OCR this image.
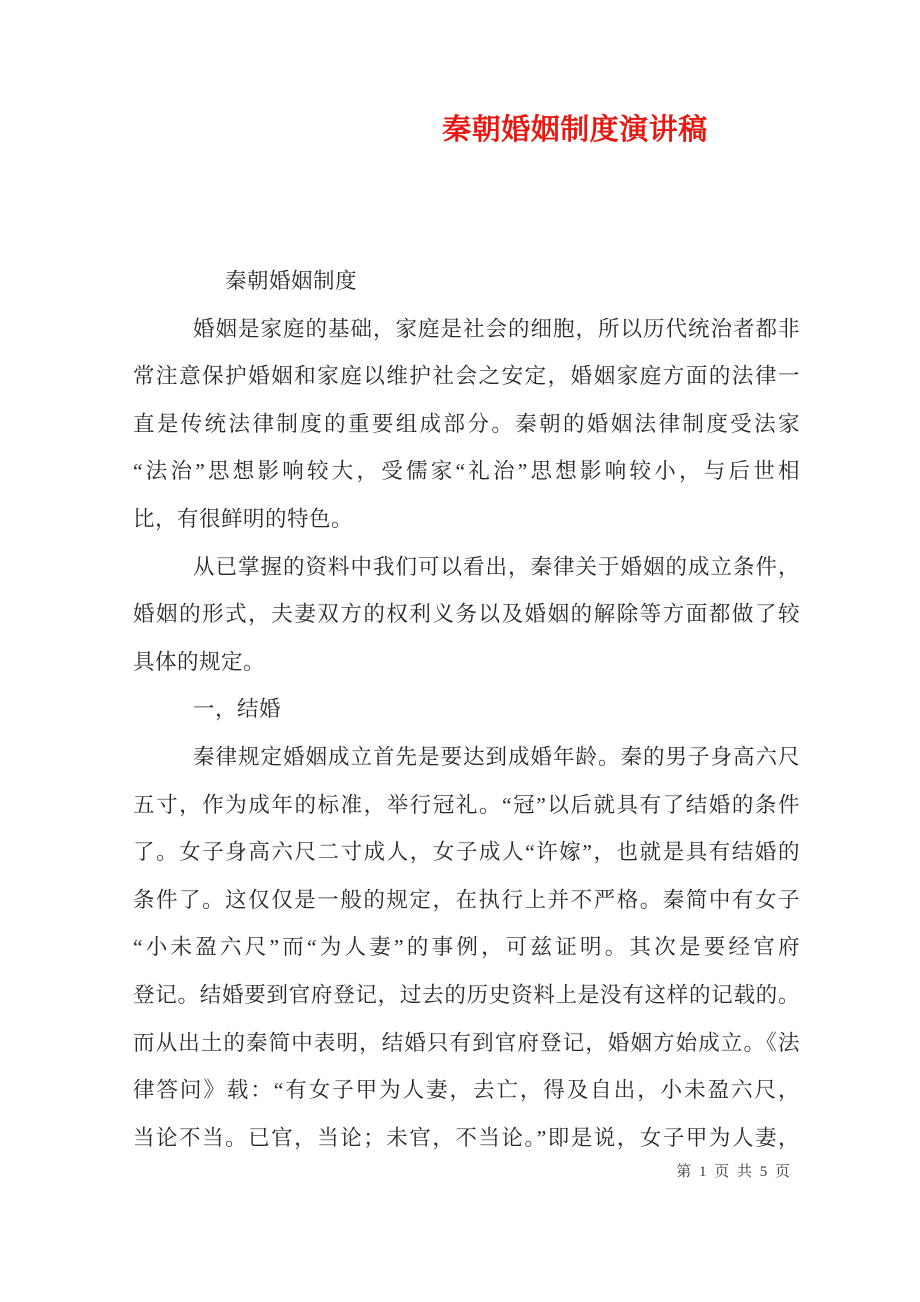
秦朝婚姻制度演讲稿
秦朝婚姻制度
婚姻是家庭的基础，家庭是社会的细胞，所以历代统治者都非
常注意保护婚姻和家庭以维护社会之安定，婚姻家庭方面的法律一
直是传统法律制度的重要组成部分。秦朝的婚姻法律制度受法家
“法治”思想影响较大，受儒家“礼治”思想影响较小，与后世相
比，有很鲜明的特色。
从已掌握的资料中我们可以看出，秦律关于婚姻的成立条件，
婚姻的形式，夫妻双方的权利义务以及婚姻的解除等方面都做了较
具体的规定。
一，结婚
秦律规定婚姻成立首先是要达到成婚年龄。秦的男子身高六尺
五寸，作为成年的标准，举行冠礼。“冠”以后就具有了结婚的条件
了。女子身高六尺二寸成人，女子成人“许嫁”，也就是具有结婚的
条件了。这仅仅是一般的规定，在执行上并不严格。秦简中有女子
“小未盈六尺”而“为人妻”的事例，可兹证明。其次是要经官府
登记。结婚要到官府登记，过去的历史资料上是没有这样的记载的。
而从出土的秦简中表明，结婚只有到官府登记，婚姻方始成立。《法
律答问》载：“有女子甲为人妻，去亡，得及自出，小未盈六尺，
当论不当。已官，当论；未官，不当论。”即是说，女子甲为人妻，
第 1 页 共 5 页
